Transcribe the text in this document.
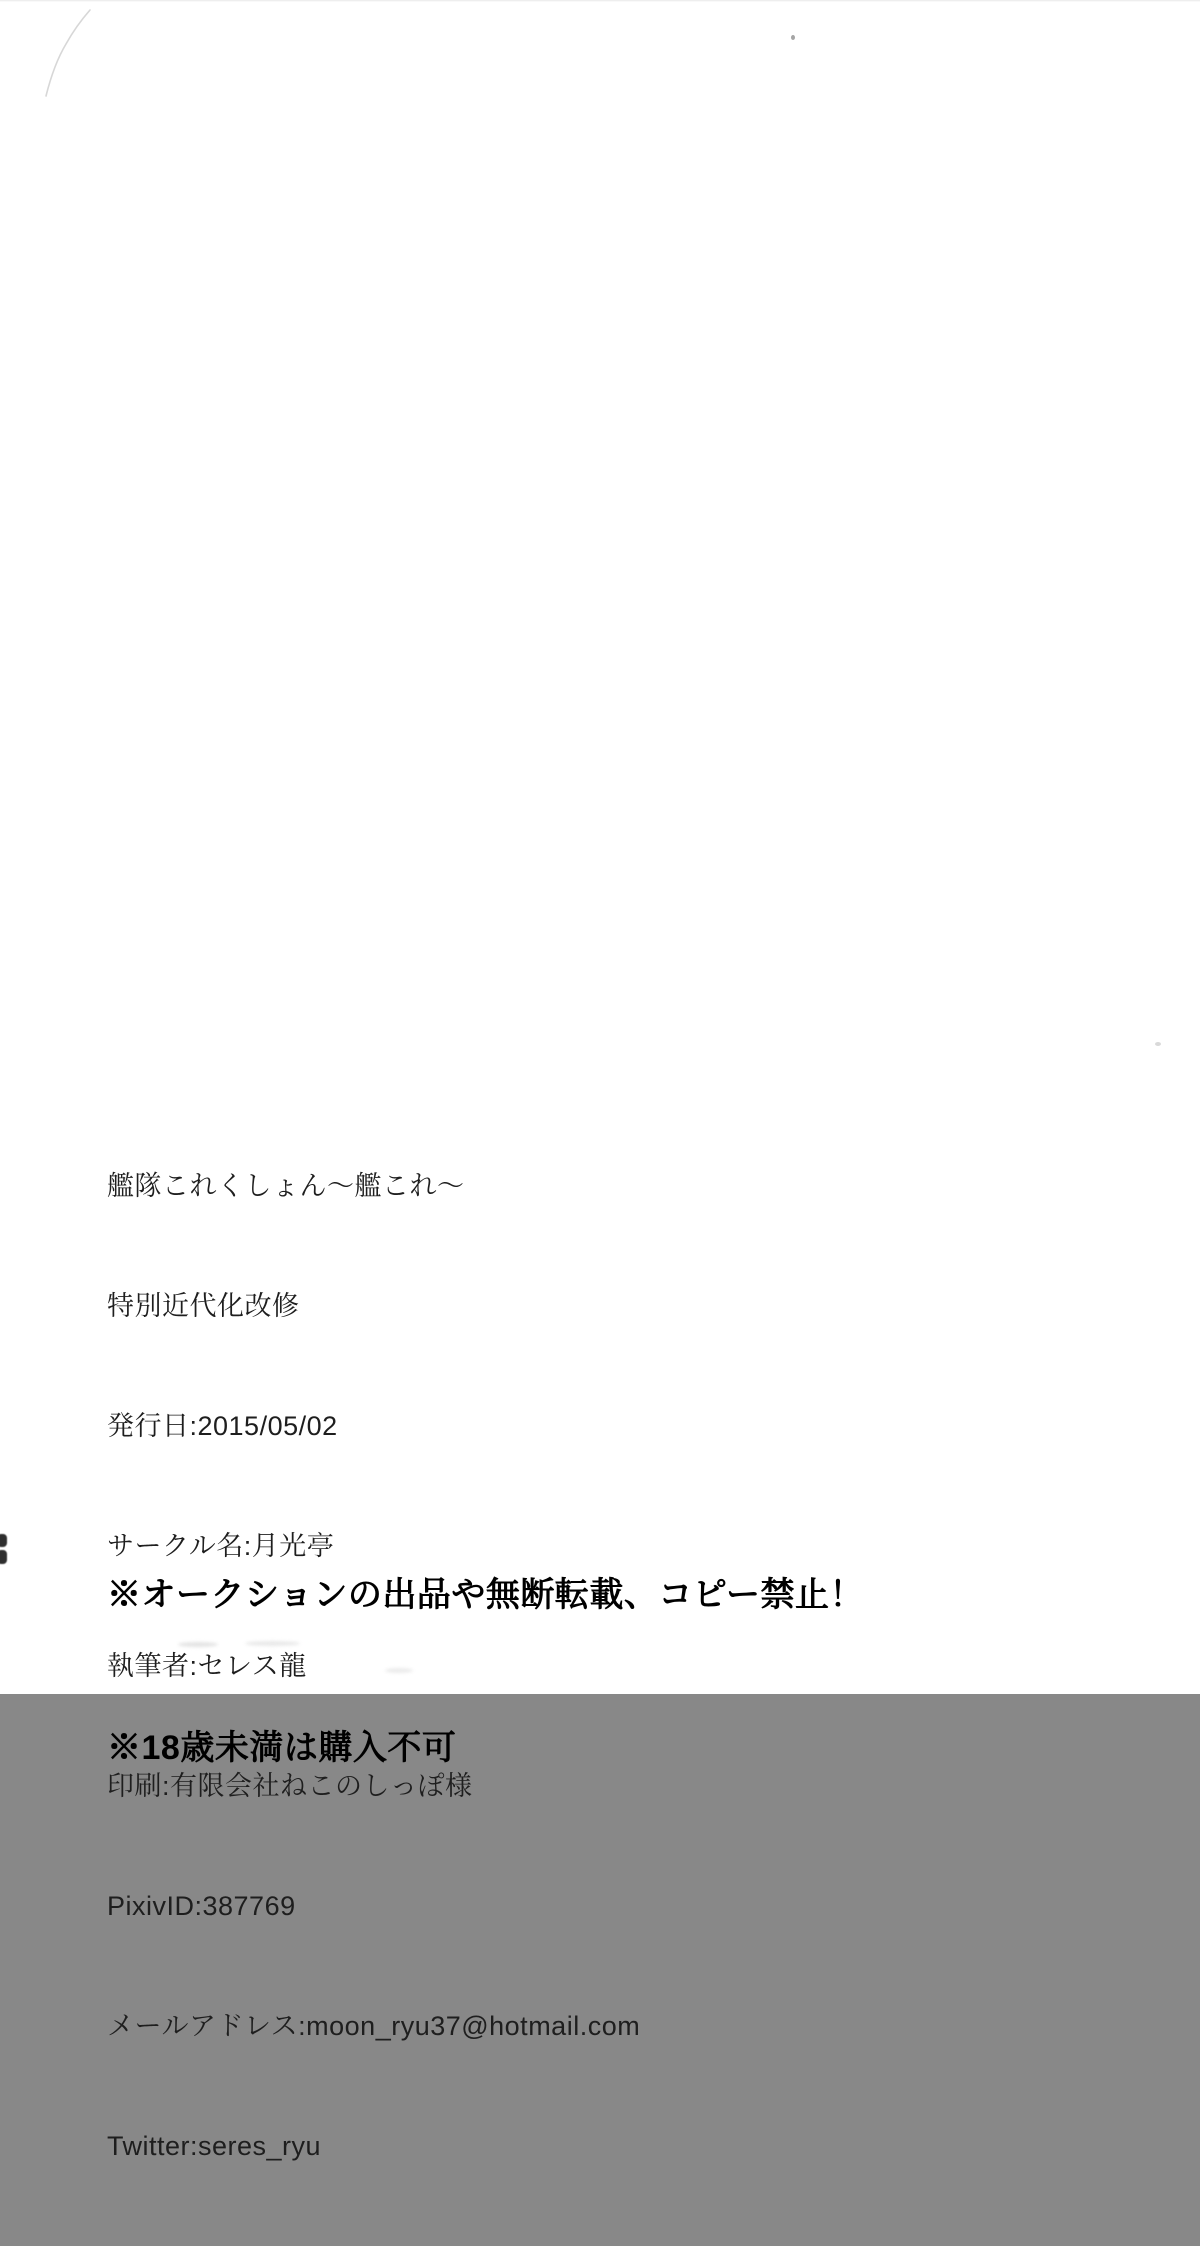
艦隊これくしょん～艦これ～

特別近代化改修

発行日:2015/05/02

サークル名:月光亭

執筆者:セレス龍

印刷:有限会社ねこのしっぽ様

PixivID:387769

メールアドレス:moon_ryu37@hotmail.com

Twitter:seres_ryu

※オークションの出品や無断転載、コピー禁止！

※18歳未満は購入不可
